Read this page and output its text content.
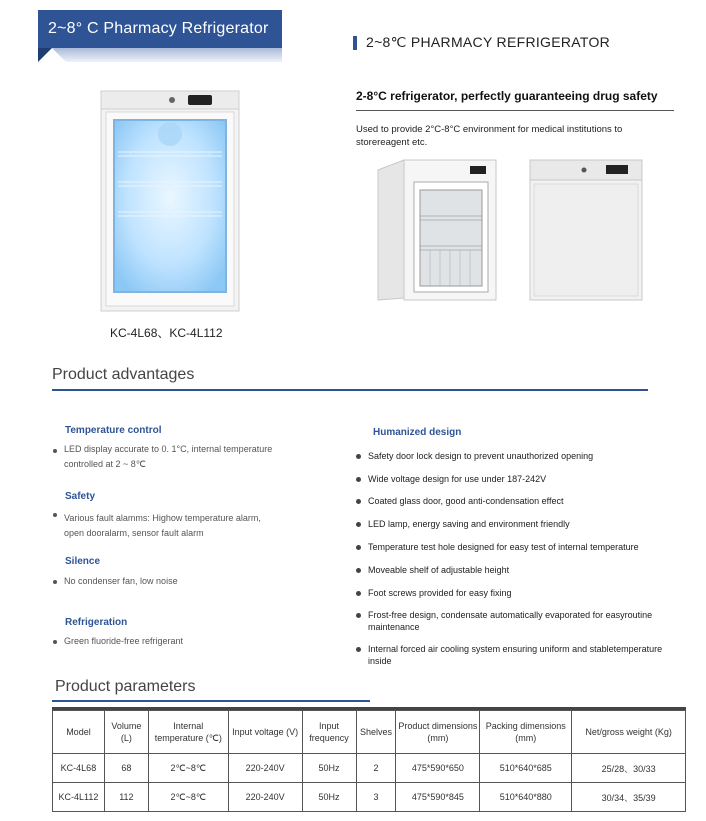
2~8° C Pharmacy Refrigerator
KC-4L68、KC-4L112
2~8℃ PHARMACY REFRIGERATOR
2-8°C refrigerator, perfectly guaranteeing drug safety
Used to provide 2°C-8°C environment for medical institutions to storereagent etc.
Product advantages
Temperature control
LED display accurate to 0. 1°C, internal temperature
controlled at 2 ~ 8℃
Safety
Various fault alamms: Highow temperature alarm,
open dooralarm, sensor fault alarm
Silence
No condenser fan, low noise
Refrigeration
Green fluoride-free refrigerant
Humanized design
Safety door lock design to prevent unauthorized opening
Wide voltage design for use under 187-242V
Coated glass door, good anti-condensation effect
LED lamp, energy saving and environment friendly
Temperature test hole designed for easy test of internal temperature
Moveable shelf of adjustable height
Foot screws provided for easy fixing
Frost-free design, condensate automatically evaporated for easyroutine maintenance
Internal forced air cooling system ensuring uniform and stabletemperature inside
Product parameters
Model	Volume (L)	Internal temperature (℃)	Input voltage (V)	Input frequency	Shelves	Product dimensions (mm)	Packing dimensions (mm)	Net/gross weight (Kg)
KC-4L68	68	2℃~8℃	220-240V	50Hz	2	475*590*650	510*640*685	25/28、30/33
KC-4L112	112	2℃~8℃	220-240V	50Hz	3	475*590*845	510*640*880	30/34、35/39
